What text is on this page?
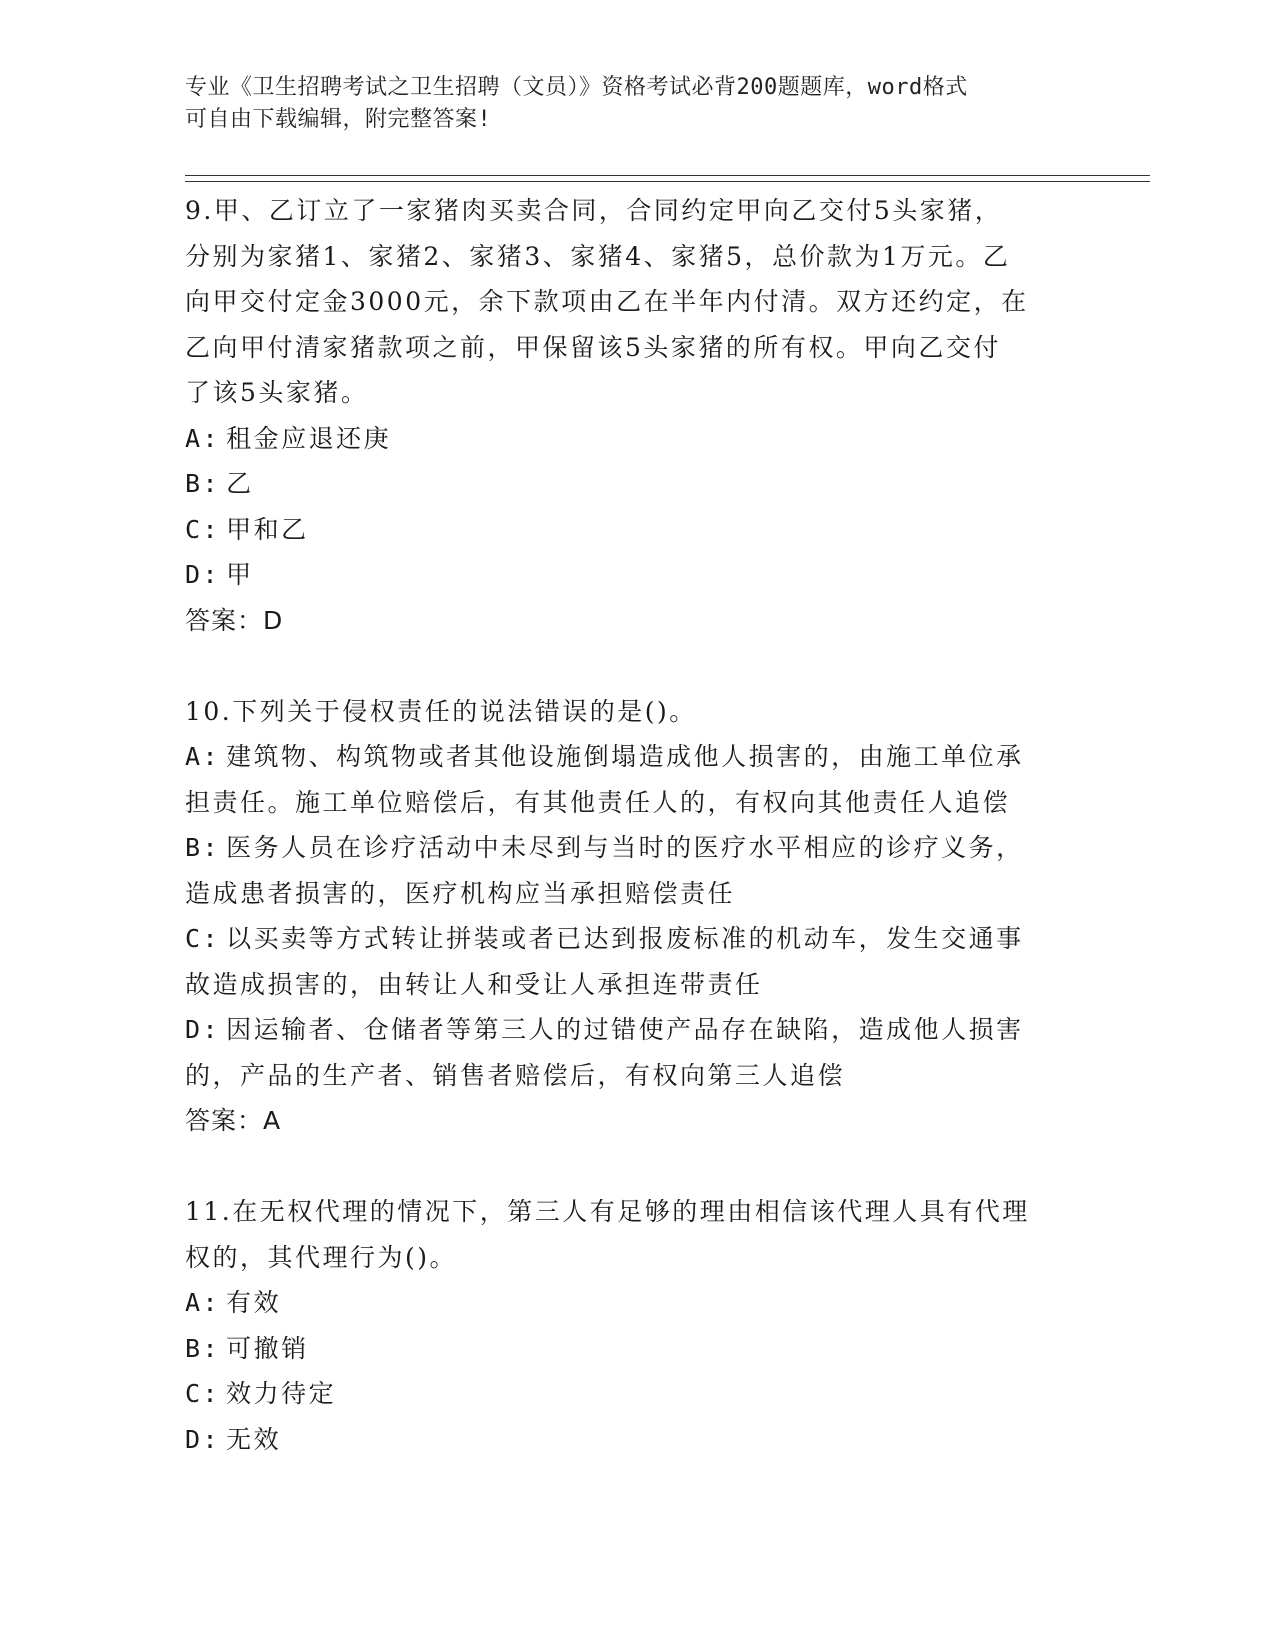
专业《卫生招聘考试之卫生招聘（文员）》资格考试必背200题题库，word格式
可自由下载编辑，附完整答案!
9.甲、乙订立了一家猪肉买卖合同，合同约定甲向乙交付5头家猪，
分别为家猪1、家猪2、家猪3、家猪4、家猪5，总价款为1万元。乙
向甲交付定金3000元，余下款项由乙在半年内付清。双方还约定，在
乙向甲付清家猪款项之前，甲保留该5头家猪的所有权。甲向乙交付
了该5头家猪。
A: 租金应退还庚
B: 乙
C: 甲和乙
D: 甲
答案：D
10.下列关于侵权责任的说法错误的是()。
A: 建筑物、构筑物或者其他设施倒塌造成他人损害的，由施工单位承
担责任。施工单位赔偿后，有其他责任人的，有权向其他责任人追偿
B: 医务人员在诊疗活动中未尽到与当时的医疗水平相应的诊疗义务，
造成患者损害的，医疗机构应当承担赔偿责任
C: 以买卖等方式转让拼装或者已达到报废标准的机动车，发生交通事
故造成损害的，由转让人和受让人承担连带责任
D: 因运输者、仓储者等第三人的过错使产品存在缺陷，造成他人损害
的，产品的生产者、销售者赔偿后，有权向第三人追偿
答案：A
11.在无权代理的情况下，第三人有足够的理由相信该代理人具有代理
权的，其代理行为()。
A: 有效
B: 可撤销
C: 效力待定
D: 无效
